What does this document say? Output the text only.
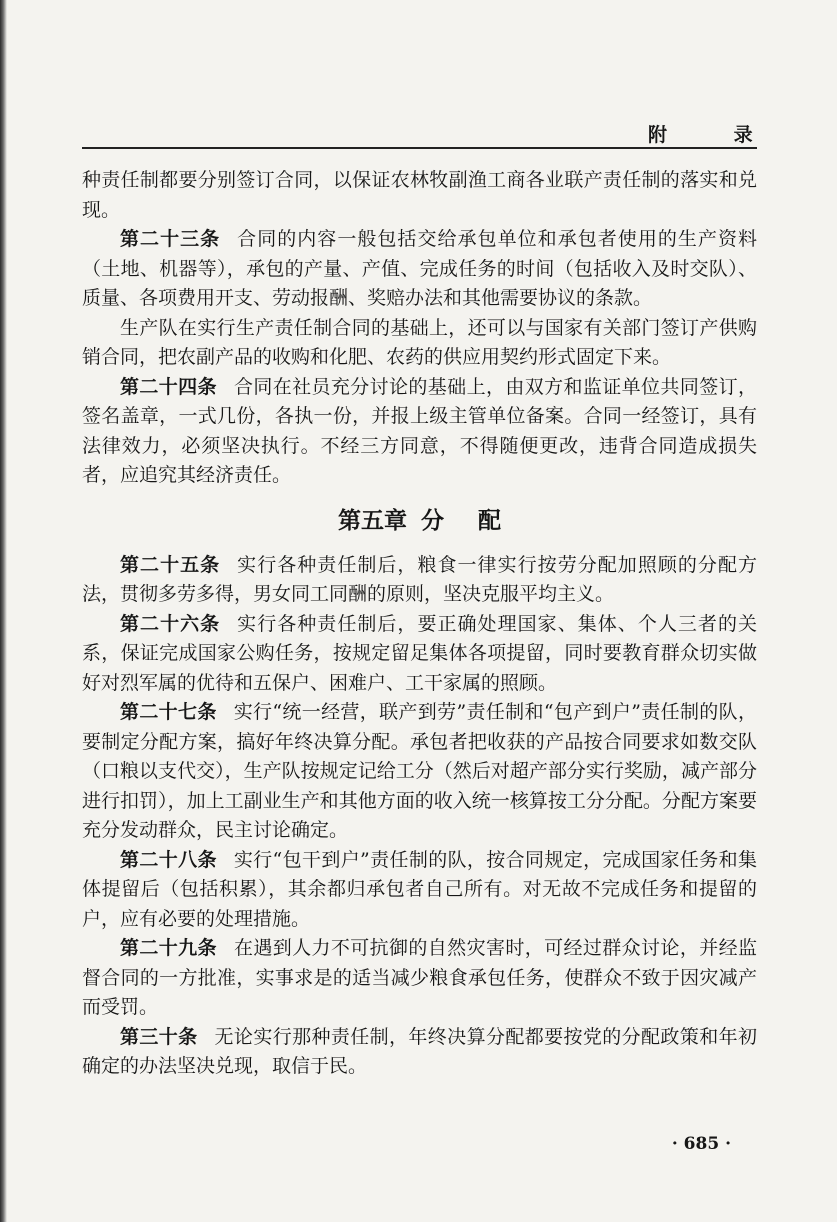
附 录

种责任制都要分别签订合同，以保证农林牧副渔工商各业联产责任制的落实和兑现。

第二十三条 合同的内容一般包括交给承包单位和承包者使用的生产资料（土地、机器等），承包的产量、产值、完成任务的时间（包括收入及时交队）、质量、各项费用开支、劳动报酬、奖赔办法和其他需要协议的条款。

生产队在实行生产责任制合同的基础上，还可以与国家有关部门签订产供购销合同，把农副产品的收购和化肥、农药的供应用契约形式固定下来。

第二十四条 合同在社员充分讨论的基础上，由双方和监证单位共同签订，签名盖章，一式几份，各执一份，并报上级主管单位备案。合同一经签订，具有法律效力，必须坚决执行。不经三方同意，不得随便更改，违背合同造成损失者，应追究其经济责任。

第五章 分配

第二十五条 实行各种责任制后，粮食一律实行按劳分配加照顾的分配方法，贯彻多劳多得，男女同工同酬的原则，坚决克服平均主义。

第二十六条 实行各种责任制后，要正确处理国家、集体、个人三者的关系，保证完成国家公购任务，按规定留足集体各项提留，同时要教育群众切实做好对烈军属的优待和五保户、困难户、工干家属的照顾。

第二十七条 实行“统一经营，联产到劳”责任制和“包产到户”责任制的队，要制定分配方案，搞好年终决算分配。承包者把收获的产品按合同要求如数交队（口粮以支代交），生产队按规定记给工分（然后对超产部分实行奖励，减产部分进行扣罚），加上工副业生产和其他方面的收入统一核算按工分分配。分配方案要充分发动群众，民主讨论确定。

第二十八条 实行“包干到户”责任制的队，按合同规定，完成国家任务和集体提留后（包括积累），其余都归承包者自己所有。对无故不完成任务和提留的户，应有必要的处理措施。

第二十九条 在遇到人力不可抗御的自然灾害时，可经过群众讨论，并经监督合同的一方批准，实事求是的适当减少粮食承包任务，使群众不致于因灾减产而受罚。

第三十条 无论实行那种责任制，年终决算分配都要按党的分配政策和年初确定的办法坚决兑现，取信于民。

· 685 ·
